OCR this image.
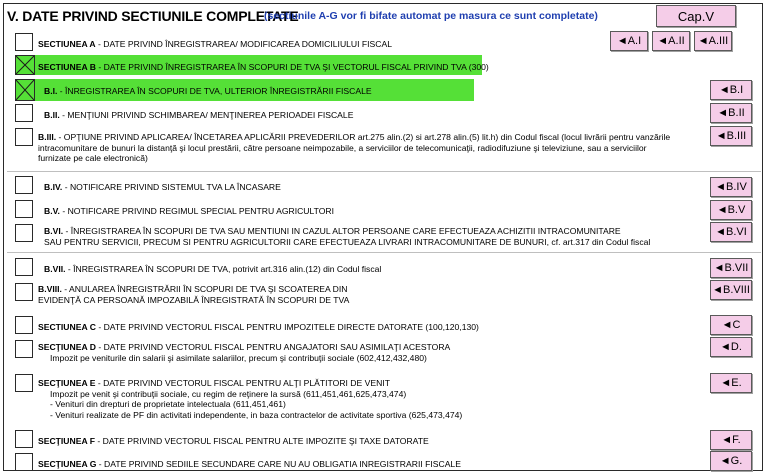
V. DATE PRIVIND SECTIUNILE COMPLETATE
(sectiunile A-G vor fi bifate automat pe masura ce sunt completate)	Cap.V
◄A.I	◄A.II	◄A.III
SECTIUNEA A - DATE PRIVIND ÎNREGISTRAREA/ MODIFICAREA DOMICILIULUI FISCAL
SECTIUNEA B - DATE PRIVIND ÎNREGISTRAREA ÎN SCOPURI DE TVA ŞI VECTORUL FISCAL PRIVIND TVA (300)
B.I. - ÎNREGISTRAREA ÎN SCOPURI DE TVA, ULTERIOR ÎNREGISTRĂRII FISCALE	◄B.I
B.II. - MENŢIUNI PRIVIND SCHIMBAREA/ MENŢINEREA PERIOADEI FISCALE	◄B.II
B.III. - OPŢIUNE PRIVIND APLICAREA/ ÎNCETAREA APLICĂRII PREVEDERILOR art.275 alin.(2) si art.278 alin.(5) lit.h) din Codul fiscal (locul livrării pentru vanzările
intracomunitare de bunuri la distanţă şi locul prestării, către persoane neimpozabile, a serviciilor de telecomunicaţii, radiodifuziune şi televiziune, sau a serviciilor
furnizate pe cale electronică)
◄B.III
B.IV. - NOTIFICARE PRIVIND SISTEMUL TVA LA ÎNCASARE	◄B.IV
B.V. - NOTIFICARE PRIVIND REGIMUL SPECIAL PENTRU AGRICULTORI	◄B.V
B.VI. - ÎNREGISTRAREA ÎN SCOPURI DE TVA SAU MENTIUNI IN CAZUL ALTOR PERSOANE CARE EFECTUEAZA ACHIZITII INTRACOMUNITARE
SAU PENTRU SERVICII, PRECUM SI PENTRU AGRICULTORII CARE EFECTUEAZA LIVRARI INTRACOMUNITARE DE BUNURI, cf. art.317 din Codul fiscal
◄B.VI
B.VII. - ÎNREGISTRAREA ÎN SCOPURI DE TVA, potrivit art.316 alin.(12) din Codul fiscal	◄B.VII
B.VIII. - ANULAREA ÎNREGISTRĂRII ÎN SCOPURI DE TVA ŞI SCOATEREA DIN
EVIDENŢĂ CA PERSOANĂ IMPOZABILĂ ÎNREGISTRATĂ ÎN SCOPURI DE TVA
◄B.VIII
SECTIUNEA C - DATE PRIVIND VECTORUL FISCAL PENTRU IMPOZITELE DIRECTE DATORATE (100,120,130)	◄C
SECŢIUNEA D - DATE PRIVIND VECTORUL FISCAL PENTRU ANGAJATORI SAU ASIMILAŢI ACESTORA
Impozit pe veniturile din salarii şi asimilate salariilor, precum şi contribuţii sociale (602,412,432,480)
◄D.
SECŢIUNEA E - DATE PRIVIND VECTORUL FISCAL PENTRU ALŢI PLĂTITORI DE VENIT
Impozit pe venit şi contribuţii sociale, cu regim de reţinere la sursă (611,451,461,625,473,474)
- Venituri din drepturi de proprietate intelectuala (611,451,461)
- Venituri realizate de PF din activitati independente, in baza contractelor de activitate sportiva (625,473,474)
◄E.
SECŢIUNEA F - DATE PRIVIND VECTORUL FISCAL PENTRU ALTE IMPOZITE ŞI TAXE DATORATE	◄F.
SECŢIUNEA G - DATE PRIVIND SEDIILE SECUNDARE CARE NU AU OBLIGATIA INREGISTRARII FISCALE	◄G.
